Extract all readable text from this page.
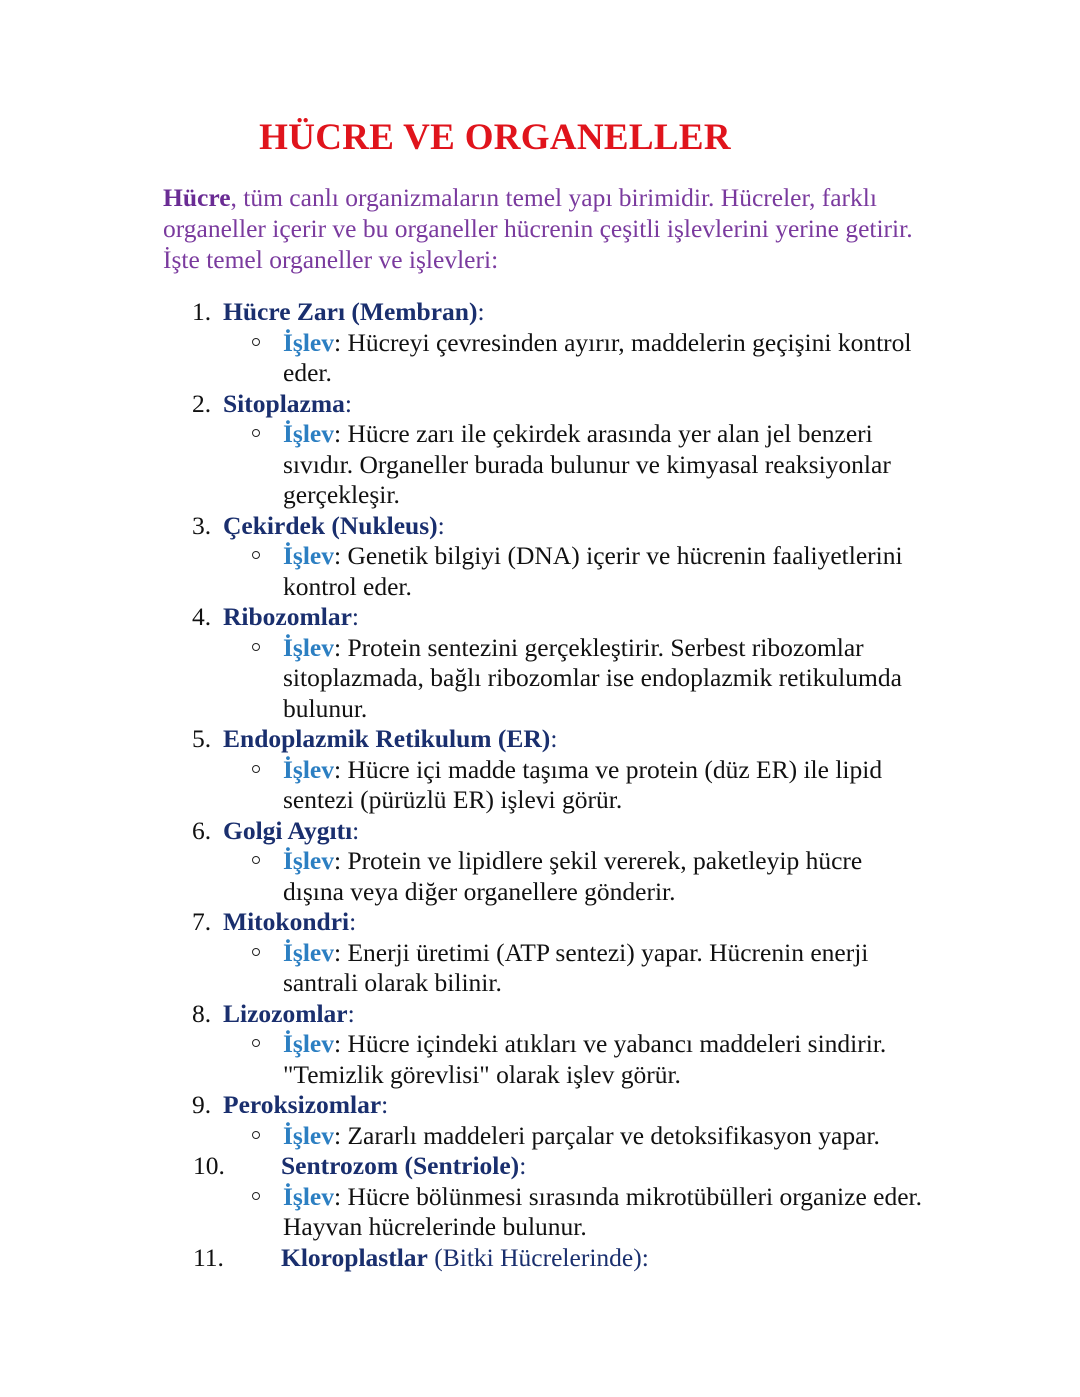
HÜCRE VE ORGANELLER
Hücre, tüm canlı organizmaların temel yapı birimidir. Hücreler, farklı organeller içerir ve bu organeller hücrenin çeşitli işlevlerini yerine getirir. İşte temel organeller ve işlevleri:
1. Hücre Zarı (Membran):
İşlev: Hücreyi çevresinden ayırır, maddelerin geçişini kontrol eder.
2. Sitoplazma:
İşlev: Hücre zarı ile çekirdek arasında yer alan jel benzeri sıvıdır. Organeller burada bulunur ve kimyasal reaksiyonlar gerçekleşir.
3. Çekirdek (Nukleus):
İşlev: Genetik bilgiyi (DNA) içerir ve hücrenin faaliyetlerini kontrol eder.
4. Ribozomlar:
İşlev: Protein sentezini gerçekleştirir. Serbest ribozomlar sitoplazmada, bağlı ribozomlar ise endoplazmik retikulumda bulunur.
5. Endoplazmik Retikulum (ER):
İşlev: Hücre içi madde taşıma ve protein (düz ER) ile lipid sentezi (pürüzlü ER) işlevi görür.
6. Golgi Aygıtı:
İşlev: Protein ve lipidlere şekil vererek, paketleyip hücre dışına veya diğer organellere gönderir.
7. Mitokondri:
İşlev: Enerji üretimi (ATP sentezi) yapar. Hücrenin enerji santrali olarak bilinir.
8. Lizozomlar:
İşlev: Hücre içindeki atıkları ve yabancı maddeleri sindirir. "Temizlik görevlisi" olarak işlev görür.
9. Peroksizomlar:
İşlev: Zararlı maddeleri parçalar ve detoksifikasyon yapar.
10. Sentrozom (Sentriole):
İşlev: Hücre bölünmesi sırasında mikrotübülleri organize eder. Hayvan hücrelerinde bulunur.
11. Kloroplastlar (Bitki Hücrelerinde):
